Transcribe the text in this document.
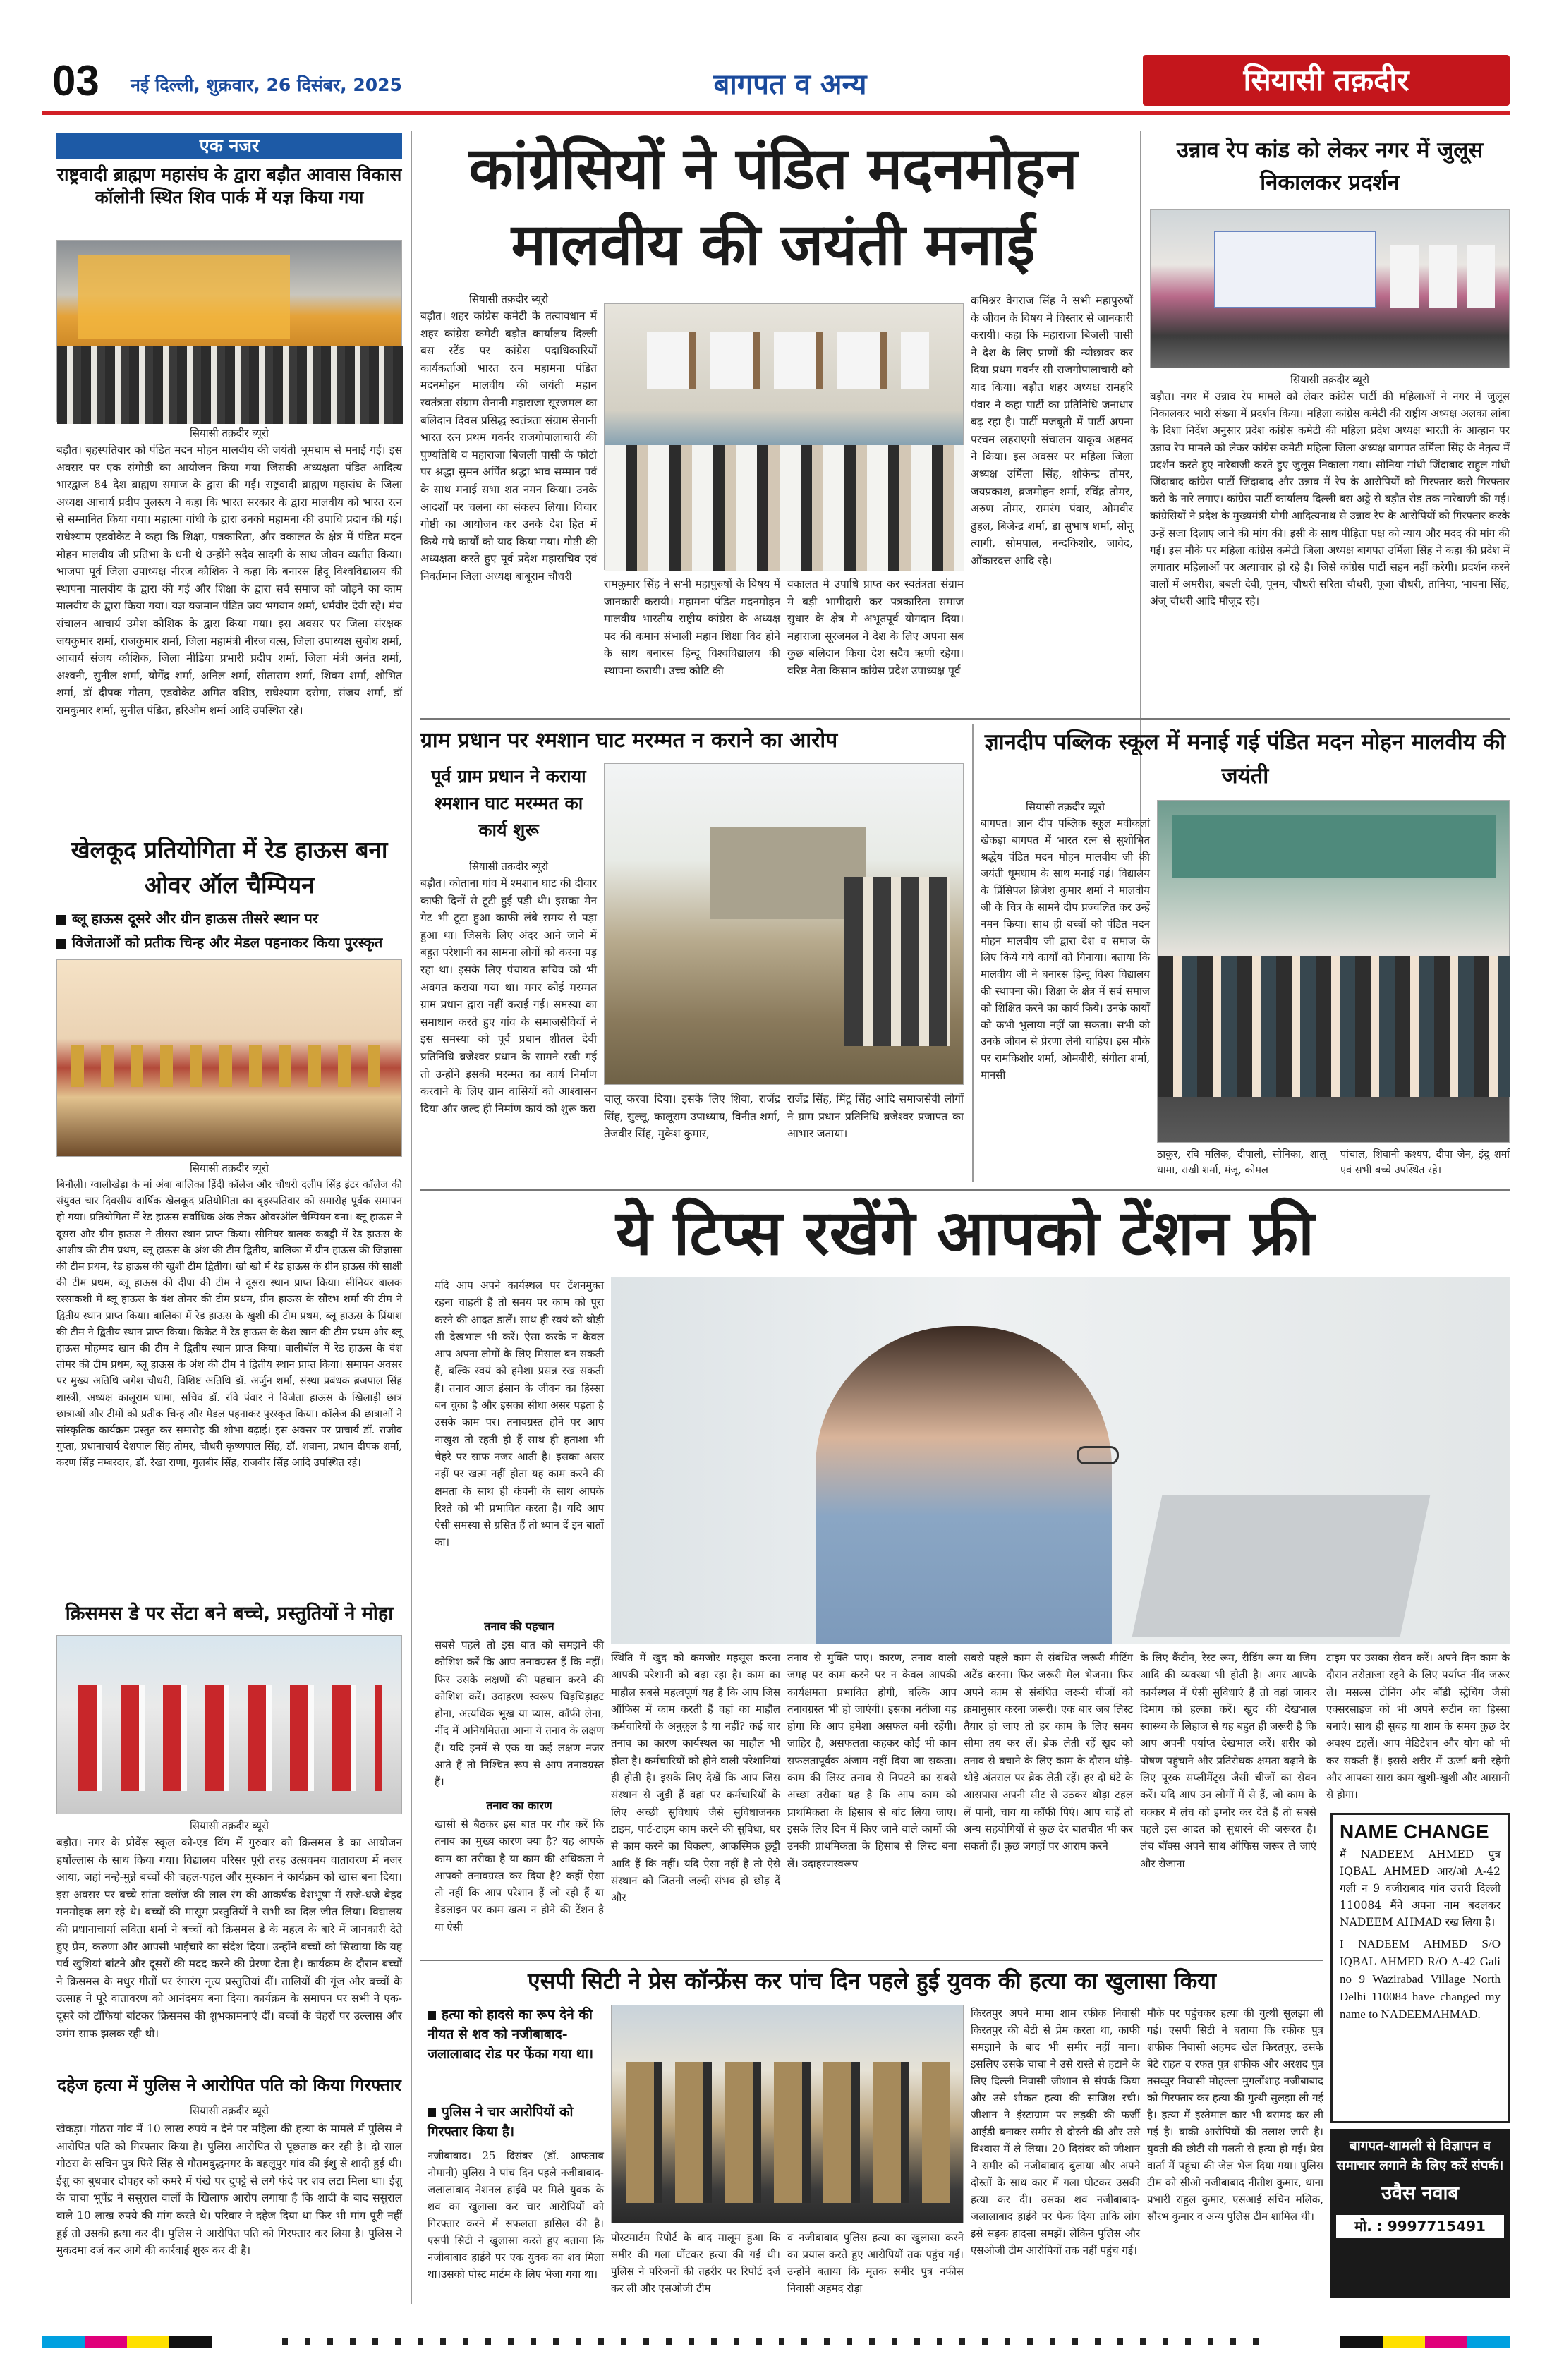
03 नई दिल्ली, शुक्रवार, 26 दिसंबर, 2025	बागपत व अन्य	सियासी तक़दीर
एक नजर
राष्ट्रवादी ब्राह्मण महासंघ के द्वारा बड़ौत आवास विकास कॉलोनी स्थित शिव पार्क में यज्ञ किया गया
सियासी तक़दीर ब्यूरो
बड़ौत। बृहस्पतिवार को पंडित मदन मोहन मालवीय की जयंती भूमधाम से मनाई गई। इस अवसर पर एक संगोष्ठी का आयोजन किया गया जिसकी अध्यक्षता पंडित आदित्य भारद्वाज 84 देश ब्राह्मण समाज के द्वारा की गई। राष्ट्रवादी ब्राह्मण महासंघ के जिला अध्यक्ष आचार्य प्रदीप पुलस्त्य ने कहा कि भारत सरकार के द्वारा मालवीय को भारत रत्न से सम्मानित किया गया। महात्मा गांधी के द्वारा उनको महामना की उपाधि प्रदान की गई। राधेश्याम एडवोकेट ने कहा कि शिक्षा, पत्रकारिता, और वकालत के क्षेत्र में पंडित मदन मोहन मालवीय जी प्रतिभा के धनी थे उन्होंने सदैव सादगी के साथ जीवन व्यतीत किया। भाजपा पूर्व जिला उपाध्यक्ष नीरज कौशिक ने कहा कि बनारस हिंदू विश्वविद्यालय की स्थापना मालवीय के द्वारा की गई और शिक्षा के द्वारा सर्व समाज को जोड़ने का काम मालवीय के द्वारा किया गया। यज्ञ यजमान पंडित जय भगवान शर्मा, धर्मवीर देवी रहे। मंच संचालन आचार्य उमेश कौशिक के द्वारा किया गया। इस अवसर पर जिला संरक्षक जयकुमार शर्मा, राजकुमार शर्मा, जिला महामंत्री नीरज वत्स, जिला उपाध्यक्ष सुबोध शर्मा, आचार्य संजय कौशिक, जिला मीडिया प्रभारी प्रदीप शर्मा, जिला मंत्री अनंत शर्मा, अश्वनी, सुनील शर्मा, योगेंद्र शर्मा, अनिल शर्मा, सीताराम शर्मा, शिवम शर्मा, शोभित शर्मा, डॉ दीपक गौतम, एडवोकेट अमित वशिष्ठ, राघेश्याम दरोगा, संजय शर्मा, डॉ रामकुमार शर्मा, सुनील पंडित, हरिओम शर्मा आदि उपस्थित रहे।
खेलकूद प्रतियोगिता में रेड हाऊस बना ओवर ऑल चैम्पियन
ब्लू हाऊस दूसरे और ग्रीन हाऊस तीसरे स्थान पर
विजेताओं को प्रतीक चिन्ह और मेडल पहनाकर किया पुरस्कृत
सियासी तक़दीर ब्यूरो
बिनौली। ग्वालीखेड़ा के मां अंबा बालिका हिंदी कॉलेज और चौधरी दलीप सिंह इंटर कॉलेज की संयुक्त चार दिवसीय वार्षिक खेलकूद प्रतियोगिता का बृहस्पतिवार को समारोह पूर्वक समापन हो गया। प्रतियोगिता में रेड हाऊस सर्वाधिक अंक लेकर ओवरऑल चैम्पियन बना। ब्लू हाऊस ने दूसरा और ग्रीन हाऊस ने तीसरा स्थान प्राप्त किया। सीनियर बालक कबड्डी में रेड हाऊस के आशीष की टीम प्रथम, ब्लू हाऊस के अंश की टीम द्वितीय, बालिका में ग्रीन हाऊस की जिज्ञासा की टीम प्रथम, रेड हाऊस की खुशी टीम द्वितीय। खो खो में रेड हाऊस के ग्रीन हाऊस की साक्षी की टीम प्रथम, ब्लू हाऊस की दीपा की टीम ने दूसरा स्थान प्राप्त किया। सीनियर बालक रस्साकशी में ब्लू हाऊस के वंश तोमर की टीम प्रथम, ग्रीन हाऊस के सौरभ शर्मा की टीम ने द्वितीय स्थान प्राप्त किया। बालिका में रेड हाऊस के खुशी की टीम प्रथम, ब्लू हाऊस के प्रिंयाश की टीम ने द्वितीय स्थान प्राप्त किया। क्रिकेट में रेड हाऊस के केश खान की टीम प्रथम और ब्लू हाऊस मोहम्मद खान की टीम ने द्वितीय स्थान प्राप्त किया। वालीबॉल में रेड हाऊस के वंश तोमर की टीम प्रथम, ब्लू हाऊस के अंश की टीम ने द्वितीय स्थान प्राप्त किया। समापन अवसर पर मुख्य अतिथि जगेश चौधरी, विशिष्ट अतिथि डॉ. अर्जुन शर्मा, संस्था प्रबंधक ब्रजपाल सिंह शास्त्री, अध्यक्ष कालूराम धामा, सचिव डॉ. रवि पंवार ने विजेता हाऊस के खिलाड़ी छात्र छात्राओं और टीमों को प्रतीक चिन्ह और मेडल पहनाकर पुरस्कृत किया। कॉलेज की छात्राओं ने सांस्कृतिक कार्यक्रम प्रस्तुत कर समारोह की शोभा बढ़ाई। इस अवसर पर प्राचार्य डॉ. राजीव गुप्ता, प्रधानाचार्य देशपाल सिंह तोमर, चौधरी कृष्णपाल सिंह, डॉ. शवाना, प्रधान दीपक शर्मा, करण सिंह नम्बरदार, डॉ. रेखा राणा, गुलबीर सिंह, राजबीर सिंह आदि उपस्थित रहे।
क्रिसमस डे पर सेंटा बने बच्चे, प्रस्तुतियों ने मोहा
सियासी तक़दीर ब्यूरो
बड़ौत। नगर के प्रोवेंस स्कूल को-एड विंग में गुरुवार को क्रिसमस डे का आयोजन हर्षोल्लास के साथ किया गया। विद्यालय परिसर पूरी तरह उत्सवमय वातावरण में नजर आया, जहां नन्हे-मुन्ने बच्चों की चहल-पहल और मुस्कान ने कार्यक्रम को खास बना दिया। इस अवसर पर बच्चे सांता क्लॉज की लाल रंग की आकर्षक वेशभूषा में सजे-धजे बेहद मनमोहक लग रहे थे। बच्चों की मासूम प्रस्तुतियों ने सभी का दिल जीत लिया। विद्यालय की प्रधानाचार्या सविता शर्मा ने बच्चों को क्रिसमस डे के महत्व के बारे में जानकारी देते हुए प्रेम, करुणा और आपसी भाईचारे का संदेश दिया। उन्होंने बच्चों को सिखाया कि यह पर्व खुशियां बांटने और दूसरों की मदद करने की प्रेरणा देता है। कार्यक्रम के दौरान बच्चों ने क्रिसमस के मधुर गीतों पर रंगारंग नृत्य प्रस्तुतियां दीं। तालियों की गूंज और बच्चों के उत्साह ने पूरे वातावरण को आनंदमय बना दिया। कार्यक्रम के समापन पर सभी ने एक-दूसरे को टॉफियां बांटकर क्रिसमस की शुभकामनाएं दीं। बच्चों के चेहरों पर उल्लास और उमंग साफ झलक रही थी।
दहेज हत्या में पुलिस ने आरोपित पति को किया गिरफ्तार
सियासी तक़दीर ब्यूरो
खेकड़ा। गोठरा गांव में 10 लाख रुपये न देने पर महिला की हत्या के मामले में पुलिस ने आरोपित पति को गिरफ्तार किया है। पुलिस आरोपित से पूछताछ कर रही है। दो साल गोठरा के सचिन पुत्र फिरे सिंह से गौतमबुद्धनगर के बहलूपुर गांव की ईशु से शादी हुई थी। ईशु का बुधवार दोपहर को कमरे में पंखे पर दुपट्टे से लगे फंदे पर शव लटा मिला था। ईशु के चाचा भूपेंद्र ने ससुराल वालों के खिलाफ आरोप लगाया है कि शादी के बाद ससुराल वाले 10 लाख रुपये की मांग करते थे। परिवार ने दहेज दिया था फिर भी मांग पूरी नहीं हुई तो उसकी हत्या कर दी। पुलिस ने आरोपित पति को गिरफ्तार कर लिया है। पुलिस ने मुकदमा दर्ज कर आगे की कार्रवाई शुरू कर दी है।
कांग्रेसियों ने पंडित मदनमोहन मालवीय की जयंती मनाई
सियासी तक़दीर ब्यूरो
बड़ौत। शहर कांग्रेस कमेटी के तत्वावधान में शहर कांग्रेस कमेटी बड़ौत कार्यालय दिल्ली बस स्टैंड पर कांग्रेस पदाधिकारियों कार्यकर्ताओं भारत रत्न महामना पंडित मदनमोहन मालवीय की जयंती महान स्वतंत्रता संग्राम सेनानी महाराजा सूरजमल का बलिदान दिवस प्रसिद्ध स्वतंत्रता संग्राम सेनानी भारत रत्न प्रथम गवर्नर राजगोपालाचारी की पुण्यतिथि व महाराजा बिजली पासी के फोटो पर श्रद्धा सुमन अर्पित श्रद्धा भाव सम्मान पर्व के साथ मनाई सभा शत नमन किया। उनके आदर्शों पर चलना का संकल्प लिया। विचार गोष्ठी का आयोजन कर उनके देश हित में किये गये कार्यों को याद किया गया। गोष्ठी की अध्यक्षता करते हुए पूर्व प्रदेश महासचिव एवं निवर्तमान जिला अध्यक्ष बाबूराम चौधरी
रामकुमार सिंह ने सभी महापुरुषों के विषय में जानकारी करायी। महामना पंडित मदनमोहन मालवीय भारतीय राष्ट्रीय कांग्रेस के अध्यक्ष पद की कमान संभाली महान शिक्षा विद होने के साथ बनारस हिन्दू विश्वविद्यालय की स्थापना करायी। उच्च कोटि की
वकालत मे उपाधि प्राप्त कर स्वतंत्रता संग्राम मे बड़ी भागीदारी कर पत्रकारिता समाज सुधार के क्षेत्र मे अभूतपूर्व योगदान दिया। महाराजा सूरजमल ने देश के लिए अपना सब कुछ बलिदान किया देश सदैव ऋणी रहेगा। वरिष्ठ नेता किसान कांग्रेस प्रदेश उपाध्यक्ष पूर्व
कमिश्नर वेगराज सिंह ने सभी महापुरुषों के जीवन के विषय मे विस्तार से जानकारी करायी। कहा कि महाराजा बिजली पासी ने देश के लिए प्राणों की न्योछावर कर दिया प्रथम गवर्नर सी राजगोपालाचारी को याद किया। बड़ौत शहर अध्यक्ष रामहरि पंवार ने कहा पार्टी का प्रतिनिधि जनाधार बढ़ रहा है। पार्टी मजबूती में पार्टी अपना परचम लहराएगी संचालन याकूब अहमद ने किया। इस अवसर पर महिला जिला अध्यक्ष उर्मिला सिंह, शोकेन्द्र तोमर, जयप्रकाश, ब्रजमोहन शर्मा, रविंद्र तोमर, अरुण तोमर, रामरंग पंवार, ओमवीर ढुहल, बिजेन्द्र शर्मा, डा सुभाष शर्मा, सोनू त्यागी, सोमपाल, नन्दकिशोर, जावेद, ओंकारदत्त आदि रहे।
उन्नाव रेप कांड को लेकर नगर में जुलूस निकालकर प्रदर्शन
सियासी तक़दीर ब्यूरो
बड़ौत। नगर में उन्नाव रेप मामले को लेकर कांग्रेस पार्टी की महिलाओं ने नगर में जुलूस निकालकर भारी संख्या में प्रदर्शन किया। महिला कांग्रेस कमेटी की राष्ट्रीय अध्यक्ष अलका लांबा के दिशा निर्देश अनुसार प्रदेश कांग्रेस कमेटी की महिला प्रदेश अध्यक्ष भारती के आव्हान पर उन्नाव रेप मामले को लेकर कांग्रेस कमेटी महिला जिला अध्यक्ष बागपत उर्मिला सिंह के नेतृत्व में प्रदर्शन करते हुए नारेबाजी करते हुए जुलूस निकाला गया। सोनिया गांधी जिंदाबाद राहुल गांधी जिंदाबाद कांग्रेस पार्टी जिंदाबाद और उन्नाव में रेप के आरोपियों को गिरफ्तार करो गिरफ्तार करो के नारे लगाए। कांग्रेस पार्टी कार्यालय दिल्ली बस अड्डे से बड़ौत रोड तक नारेबाजी की गई। कांग्रेसियों ने प्रदेश के मुख्यमंत्री योगी आदित्यनाथ से उन्नाव रेप के आरोपियों को गिरफ्तार करके उन्हें सजा दिलाए जाने की मांग की। इसी के साथ पीड़िता पक्ष को न्याय और मदद की मांग की गई। इस मौके पर महिला कांग्रेस कमेटी जिला अध्यक्ष बागपत उर्मिला सिंह ने कहा की प्रदेश में लगातार महिलाओं पर अत्याचार हो रहे है। जिसे कांग्रेस पार्टी सहन नहीं करेगी। प्रदर्शन करने वालों में अमरीश, बबली देवी, पूनम, चौधरी सरिता चौधरी, पूजा चौधरी, तानिया, भावना सिंह, अंजू चौधरी आदि मौजूद रहे।
ग्राम प्रधान पर श्मशान घाट मरम्मत न कराने का आरोप
पूर्व ग्राम प्रधान ने कराया श्मशान घाट मरम्मत का कार्य शुरू
सियासी तक़दीर ब्यूरो
बड़ौत। कोताना गांव में श्मशान घाट की दीवार काफी दिनों से टूटी हुई पड़ी थी। इसका मेन गेट भी टूटा हुआ काफी लंबे समय से पड़ा हुआ था। जिसके लिए अंदर आने जाने में बहुत परेशानी का सामना लोगों को करना पड़ रहा था। इसके लिए पंचायत सचिव को भी अवगत कराया गया था। मगर कोई मरम्मत ग्राम प्रधान द्वारा नहीं कराई गई। समस्या का समाधान करते हुए गांव के समाजसेवियों ने इस समस्या को पूर्व प्रधान शीतल देवी प्रतिनिधि ब्रजेश्वर प्रधान के सामने रखी गई तो उन्होंने इसकी मरम्मत का कार्य निर्माण करवाने के लिए ग्राम वासियों को आश्वासन दिया और जल्द ही निर्माण कार्य को शुरू करा
चालू करवा दिया। इसके लिए शिवा, राजेंद्र सिंह, सुल्लू, कालूराम उपाध्याय, विनीत शर्मा, तेजवीर सिंह, मुकेश कुमार,
राजेंद्र सिंह, मिंटू सिंह आदि समाजसेवी लोगों ने ग्राम प्रधान प्रतिनिधि ब्रजेश्वर प्रजापत का आभार जताया।
ज्ञानदीप पब्लिक स्कूल में मनाई गई पंडित मदन मोहन मालवीय की जयंती
सियासी तक़दीर ब्यूरो
बागपत। ज्ञान दीप पब्लिक स्कूल मवीकलां खेकड़ा बागपत में भारत रत्न से सुशोभित श्रद्धेय पंडित मदन मोहन मालवीय जी की जयंती धूमधाम के साथ मनाई गई। विद्यालय के प्रिंसिपल ब्रिजेश कुमार शर्मा ने मालवीय जी के चित्र के सामने दीप प्रज्वलित कर उन्हें नमन किया। साथ ही बच्चों को पंडित मदन मोहन मालवीय जी द्वारा देश व समाज के लिए किये गये कार्यों को गिनाया। बताया कि मालवीय जी ने बनारस हिन्दू विश्व विद्यालय की स्थापना की। शिक्षा के क्षेत्र में सर्व समाज को शिक्षित करने का कार्य किये। उनके कार्यों को कभी भुलाया नहीं जा सकता। सभी को उनके जीवन से प्रेरणा लेनी चाहिए। इस मौके पर रामकिशोर शर्मा, ओमबीरी, संगीता शर्मा, मानसी
ठाकुर, रवि मलिक, दीपाली, सोनिका, शालू धामा, राखी शर्मा, मंजू, कोमल
पांचाल, शिवानी कश्यप, दीपा जैन, इंदु शर्मा एवं सभी बच्चे उपस्थित रहे।
ये टिप्स रखेंगे आपको टेंशन फ्री
यदि आप अपने कार्यस्थल पर टेंशनमुक्त रहना चाहती हैं तो समय पर काम को पूरा करने की आदत डालें। साथ ही स्वयं को थोड़ी सी देखभाल भी करें। ऐसा करके न केवल आप अपना लोगों के लिए मिसाल बन सकती हैं, बल्कि स्वयं को हमेशा प्रसन्न रख सकती हैं। तनाव आज इंसान के जीवन का हिस्सा बन चुका है और इसका सीधा असर पड़ता है उसके काम पर। तनावग्रस्त होने पर आप नाखुश तो रहती ही हैं साथ ही हताशा भी चेहरे पर साफ नजर आती है। इसका असर नहीं पर खत्म नहीं होता यह काम करने की क्षमता के साथ ही कंपनी के साथ आपके रिश्ते को भी प्रभावित करता है। यदि आप ऐसी समस्या से ग्रसित हैं तो ध्यान दें इन बातों का।
तनाव की पहचान
सबसे पहले तो इस बात को समझने की कोशिश करें कि आप तनावग्रस्त हैं कि नहीं। फिर उसके लक्षणों की पहचान करने की कोशिश करें। उदाहरण स्वरूप चिड़चिड़ाहट होना, अत्यधिक भूख या प्यास, कॉफी लेना, नींद में अनियमितता आना ये तनाव के लक्षण हैं। यदि इनमें से एक या कई लक्षण नजर आते हैं तो निश्चित रूप से आप तनावग्रस्त हैं।
तनाव का कारण
खासी से बैठकर इस बात पर गौर करें कि तनाव का मुख्य कारण क्या है? यह आपके काम का तरीका है या काम की अधिकता ने आपको तनावग्रस्त कर दिया है? कहीं ऐसा तो नहीं कि आप परेशान हैं जो रही हैं या डेडलाइन पर काम खत्म न होने की टेंशन है या ऐसी
स्थिति में खुद को कमजोर महसूस करना आपकी परेशानी को बढ़ा रहा है। काम का माहौल सबसे महत्वपूर्ण यह है कि आप जिस ऑफिस में काम करती हैं वहां का माहौल कर्मचारियों के अनुकूल है या नहीं? कई बार तनाव का कारण कार्यस्थल का माहौल भी होता है। कर्मचारियों को होने वाली परेशानियां ही होती है। इसके लिए देखें कि आप जिस संस्थान से जुड़ी हैं वहां पर कर्मचारियों के लिए अच्छी सुविधाएं जैसे सुविधाजनक टाइम, पार्ट-टाइम काम करने की सुविधा, घर से काम करने का विकल्प, आकस्मिक छुट्टी आदि हैं कि नहीं। यदि ऐसा नहीं है तो ऐसे संस्थान को जितनी जल्दी संभव हो छोड़ दें और
तनाव से मुक्ति पाएं। कारण, तनाव वाली जगह पर काम करने पर न केवल आपकी कार्यक्षमता प्रभावित होगी, बल्कि आप तनावग्रस्त भी हो जाएंगी। इसका नतीजा यह होगा कि आप हमेशा असफल बनी रहेंगी। जाहिर है, असफलता कहकर कोई भी काम सफलतापूर्वक अंजाम नहीं दिया जा सकता। काम की लिस्ट तनाव से निपटने का सबसे अच्छा तरीका यह है कि आप काम को प्राथमिकता के हिसाब से बांट लिया जाए। इसके लिए दिन में किए जाने वाले कामों की उनकी प्राथमिकता के हिसाब से लिस्ट बना लें। उदाहरणस्वरूप
सबसे पहले काम से संबंधित जरूरी मीटिंग अटेंड करना। फिर जरूरी मेल भेजना। फिर अपने काम से संबंधित जरूरी चीजों को क्रमानुसार करना जरूरी। एक बार जब लिस्ट तैयार हो जाए तो हर काम के लिए समय सीमा तय कर लें। ब्रेक लेती रहें खुद को तनाव से बचाने के लिए काम के दौरान थोड़े-थोड़े अंतराल पर ब्रेक लेती रहें। हर दो घंटे के आसपास अपनी सीट से उठकर थोड़ा टहल लें पानी, चाय या कॉफी पिएं। आप चाहें तो अन्य सहयोगियों से कुछ देर बातचीत भी कर सकती हैं। कुछ जगहों पर आराम करने
के लिए कैंटीन, रेस्ट रूम, रीडिंग रूम या जिम आदि की व्यवस्था भी होती है। अगर आपके कार्यस्थल में ऐसी सुविधाएं हैं तो वहां जाकर दिमाग को हल्का करें। खुद की देखभाल स्वास्थ्य के लिहाज से यह बहुत ही जरूरी है कि आप अपनी पर्याप्त देखभाल करें। शरीर को पोषण पहुंचाने और प्रतिरोधक क्षमता बढ़ाने के लिए पूरक सप्लीमेंट्स जैसी चीजों का सेवन करें। यदि आप उन लोगों में से हैं, जो काम के चक्कर में लंच को इग्नोर कर देते हैं तो सबसे पहले इस आदत को सुधारने की जरूरत है। लंच बॉक्स अपने साथ ऑफिस जरूर ले जाएं और रोजाना
टाइम पर उसका सेवन करें। अपने दिन काम के दौरान तरोताजा रहने के लिए पर्याप्त नींद जरूर लें। मसल्स टोनिंग और बॉडी स्ट्रेचिंग जैसी एक्सरसाइज को भी अपने रूटीन का हिस्सा बनाएं। साथ ही सुबह या शाम के समय कुछ देर अवश्य टहलें। आप मेडिटेशन और योग को भी कर सकती हैं। इससे शरीर में ऊर्जा बनी रहेगी और आपका सारा काम खुशी-खुशी और आसानी से होगा।
NAME CHANGE
मैं NADEEM AHMED पुत्र IQBAL AHMED आर/ओ A-42 गली न 9 वजीराबाद गांव उत्तरी दिल्ली 110084 मैंने अपना नाम बदलकर NADEEM AHMAD रख लिया है।
I NADEEM AHMED S/O IQBAL AHMED R/O A-42 Gali no 9 Wazirabad Village North Delhi 110084 have changed my name to NADEEMAHMAD.
एसपी सिटी ने प्रेस कॉन्फ्रेंस कर पांच दिन पहले हुई युवक की हत्या का खुलासा किया
हत्या को हादसे का रूप देने की नीयत से शव को नजीबाबाद-जलालाबाद रोड पर फेंका गया था।
पुलिस ने चार आरोपियों को गिरफ्तार किया है।
नजीबाबाद। 25 दिसंबर (डॉ. आफताब नोमानी) पुलिस ने पांच दिन पहले नजीबाबाद-जलालाबाद नेशनल हाईवे पर मिले युवक के शव का खुलासा कर चार आरोपियों को गिरफ्तार करने में सफलता हासिल की है। एसपी सिटी ने खुलासा करते हुए बताया कि नजीबाबाद हाईवे पर एक युवक का शव मिला था।उसको पोस्ट मार्टम के लिए भेजा गया था।
पोस्टमार्टम रिपोर्ट के बाद मालूम हुआ कि समीर की गला घोंटकर हत्या की गई थी। पुलिस ने परिजनों की तहरीर पर रिपोर्ट दर्ज कर ली और एसओजी टीम
व नजीबाबाद पुलिस हत्या का खुलासा करने का प्रयास करते हुए आरोपियों तक पहुंच गई। उन्होंने बताया कि मृतक समीर पुत्र नफीस निवासी अहमद रोड़ा
किरतपुर अपने मामा शाम रफीक निवासी किरतपुर की बेटी से प्रेम करता था, काफी समझाने के बाद भी समीर नहीं माना। इसलिए उसके चाचा ने उसे रास्ते से हटाने के लिए दिल्ली निवासी जीशान से संपर्क किया और उसे शौकत हत्या की साजिश रची।जीशान ने इंस्टाग्राम पर लड़की की फर्जी आईडी बनाकर समीर से दोस्ती की और उसे विश्वास में ले लिया। 20 दिसंबर को जीशान ने समीर को नजीबाबाद बुलाया और अपने दोस्तों के साथ कार में गला घोटकर उसकी हत्या कर दी। उसका शव नजीबाबाद-जलालाबाद हाईवे पर फेंक दिया ताकि लोग इसे सड़क हादसा समझें। लेकिन पुलिस और एसओजी टीम आरोपियों तक नहीं पहुंच गई।
मौके पर पहुंचकर हत्या की गुत्थी सुलझा ली गई। एसपी सिटी ने बताया कि रफीक पुत्र शफीक निवासी अहमद खेल किरतपुर, उसके बेटे राहत व रफत पुत्र शफीक और अरशद पुत्र तसव्वुर निवासी मोहल्ला मुगलोंशाह नजीबाबाद को गिरफ्तार कर हत्या की गुत्थी सुलझा ली गई है। हत्या में इस्तेमाल कार भी बरामद कर ली गई है। बाकी आरोपियों की तलाश जारी है। युवती की छोटी सी गलती से हत्या हो गई। प्रेस वार्ता में पहुंचा की जेल भेज दिया गया। पुलिस टीम को सीओ नजीबाबाद नीतीश कुमार, थाना प्रभारी राहुल कुमार, एसआई सचिन मलिक, सौरभ कुमार व अन्य पुलिस टीम शामिल थी।
बागपत-शामली से विज्ञापन व समाचार लगाने के लिए करें संपर्क।
उवैस नवाब
मो. : 9997715491
